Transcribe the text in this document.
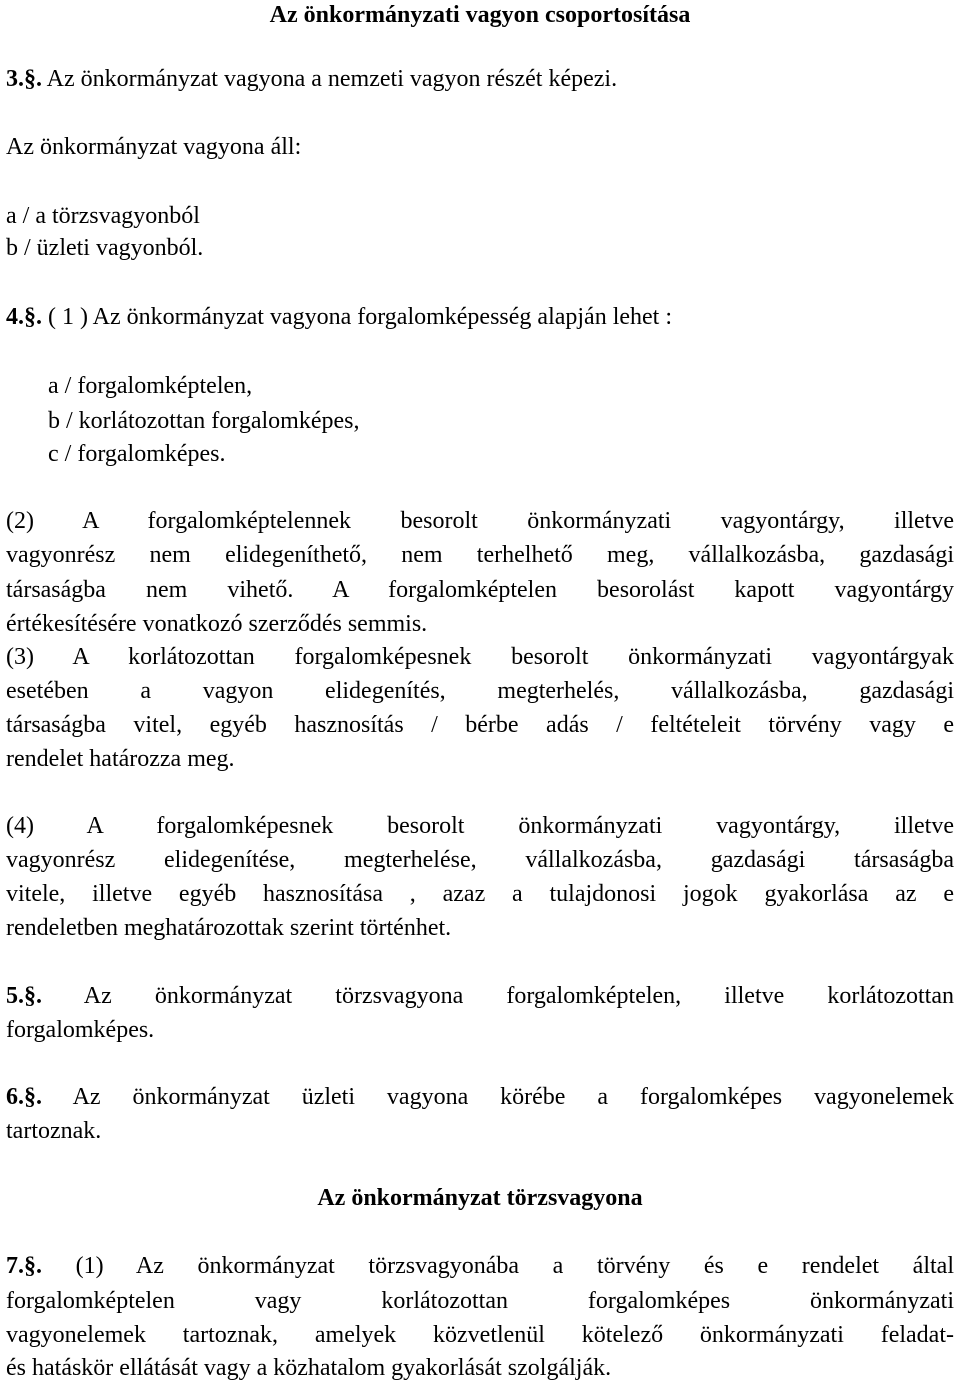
Az önkormányzati vagyon csoportosítása
3.§. Az önkormányzat vagyona a nemzeti vagyon részét képezi.
Az önkormányzat vagyona áll:
a / a törzsvagyonból
b / üzleti vagyonból.
4.§. ( 1 ) Az önkormányzat vagyona forgalomképesség alapján lehet :
a / forgalomképtelen,
b / korlátozottan forgalomképes,
c / forgalomképes.
(2) A forgalomképtelennek besorolt önkormányzati vagyontárgy, illetve
vagyonrész nem elidegeníthető, nem terhelhető meg, vállalkozásba, gazdasági
társaságba nem vihető. A forgalomképtelen besorolást kapott vagyontárgy
értékesítésére vonatkozó szerződés semmis.
(3) A korlátozottan forgalomképesnek besorolt önkormányzati vagyontárgyak
esetében a vagyon elidegenítés, megterhelés, vállalkozásba, gazdasági
társaságba vitel, egyéb hasznosítás / bérbe adás / feltételeit törvény vagy e
rendelet határozza meg.
(4) A forgalomképesnek besorolt önkormányzati vagyontárgy, illetve
vagyonrész elidegenítése, megterhelése, vállalkozásba, gazdasági társaságba
vitele, illetve egyéb hasznosítása , azaz a tulajdonosi jogok gyakorlása az e
rendeletben meghatározottak szerint történhet.
5.§. Az önkormányzat törzsvagyona forgalomképtelen, illetve korlátozottan
forgalomképes.
6.§. Az önkormányzat üzleti vagyona körébe a forgalomképes vagyonelemek
tartoznak.
Az önkormányzat törzsvagyona
7.§. (1) Az önkormányzat törzsvagyonába a törvény és e rendelet által
forgalomképtelen vagy korlátozottan forgalomképes önkormányzati
vagyonelemek tartoznak, amelyek közvetlenül kötelező önkormányzati feladat-
és hatáskör ellátását vagy a közhatalom gyakorlását szolgálják.
